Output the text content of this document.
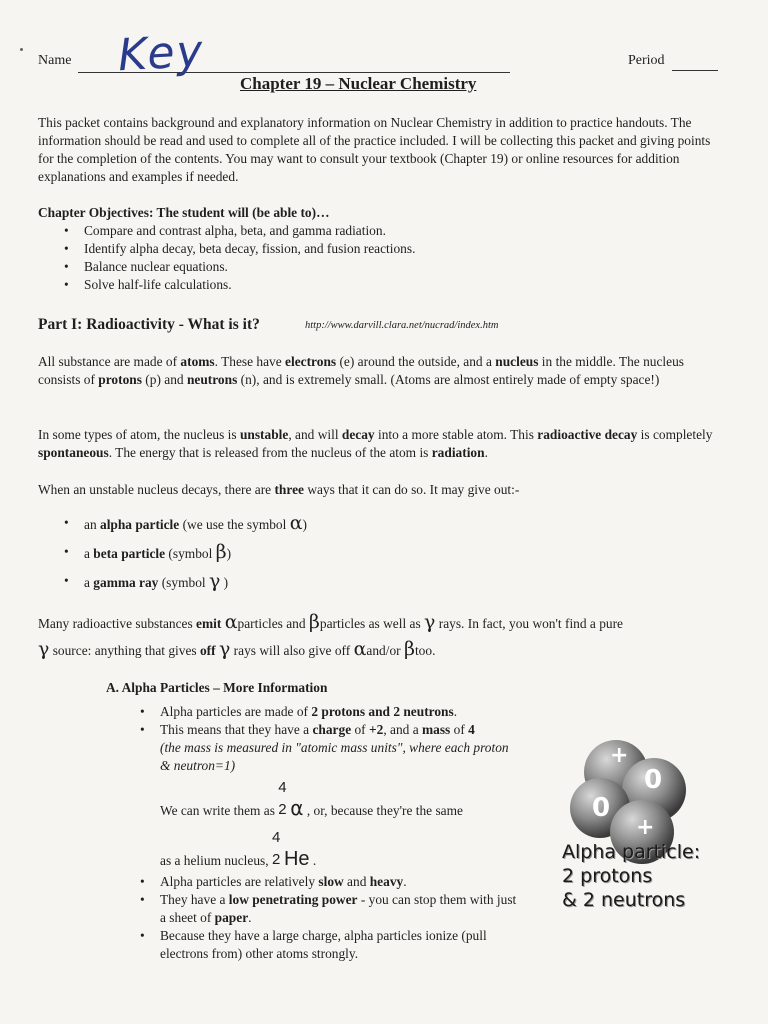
Name Key	Period
Chapter 19 – Nuclear Chemistry
This packet contains background and explanatory information on Nuclear Chemistry in addition to practice handouts. The information should be read and used to complete all of the practice included. I will be collecting this packet and giving points for the completion of the contents. You may want to consult your textbook (Chapter 19) or online resources for addition explanations and examples if needed.
Chapter Objectives: The student will (be able to)…
• Compare and contrast alpha, beta, and gamma radiation.
• Identify alpha decay, beta decay, fission, and fusion reactions.
• Balance nuclear equations.
• Solve half-life calculations.
Part I: Radioactivity - What is it?	http://www.darvill.clara.net/nucrad/index.htm
All substance are made of atoms. These have electrons (e) around the outside, and a nucleus in the middle. The nucleus consists of protons (p) and neutrons (n), and is extremely small. (Atoms are almost entirely made of empty space!)
In some types of atom, the nucleus is unstable, and will decay into a more stable atom. This radioactive decay is completely spontaneous. The energy that is released from the nucleus of the atom is radiation.
When an unstable nucleus decays, there are three ways that it can do so. It may give out:-
• an alpha particle (we use the symbol α)
• a beta particle (symbol β)
• a gamma ray (symbol γ )
Many radioactive substances emit αparticles and βparticles as well as γ rays. In fact, you won't find a pure
γ source: anything that gives off γ rays will also give off αand/or βtoo.
A. Alpha Particles – More Information
• Alpha particles are made of 2 protons and 2 neutrons.
• This means that they have a charge of +2, and a mass of 4
(the mass is measured in "atomic mass units", where each proton & neutron=1)
We can write them as
4
2 α , or, because they're the same
as a helium nucleus,
4
2 He .
• Alpha particles are relatively slow and heavy.
• They have a low penetrating power - you can stop them with just a sheet of paper.
• Because they have a large charge, alpha particles ionize (pull electrons from) other atoms strongly.
+
0
0
+
Alpha particle:
2 protons
& 2 neutrons
